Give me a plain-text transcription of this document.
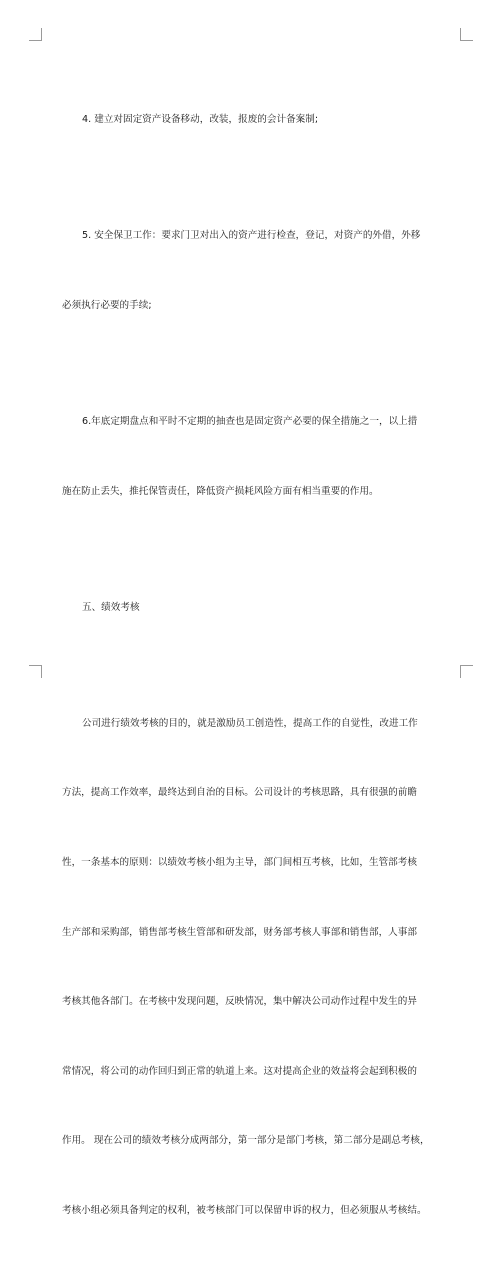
4. 建立对固定资产设备移动，改装，报废的会计备案制;

5. 安全保卫工作：要求门卫对出入的资产进行检查，登记，对资产的外借，外移

必须执行必要的手续;

6.年底定期盘点和平时不定期的抽查也是固定资产必要的保全措施之一，以上措

施在防止丢失，推托保管责任，降低资产损耗风险方面有相当重要的作用。

五、绩效考核

公司进行绩效考核的目的，就是激励员工创造性，提高工作的自觉性，改进工作

方法，提高工作效率，最终达到自治的目标。公司设计的考核思路，具有很强的前瞻

性，一条基本的原则：以绩效考核小组为主导，部门间相互考核，比如，生管部考核

生产部和采购部，销售部考核生管部和研发部，财务部考核人事部和销售部，人事部

考核其他各部门。在考核中发现问题，反映情况，集中解决公司动作过程中发生的异

常情况，将公司的动作回归到正常的轨道上来。这对提高企业的效益将会起到积极的

作用。 现在公司的绩效考核分成两部分，第一部分是部门考核，第二部分是副总考核，

考核小组必须具备判定的权利，被考核部门可以保留申诉的权力，但必须服从考核结。
